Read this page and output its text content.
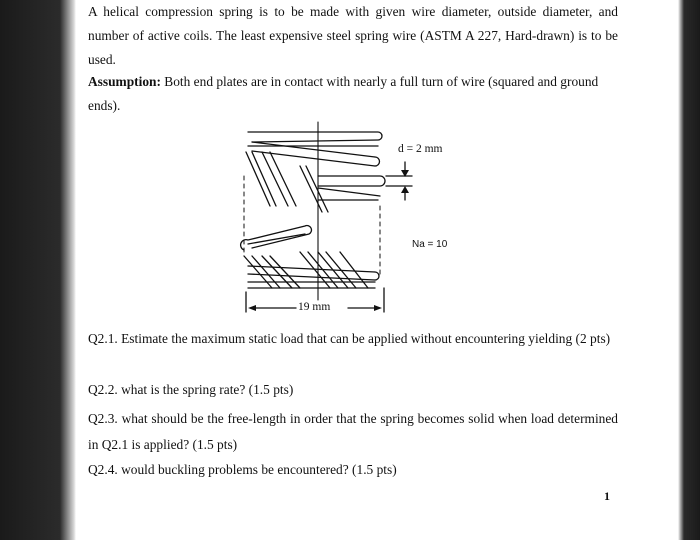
A helical compression spring is to be made with given wire diameter, outside diameter, and number of active coils. The least expensive steel spring wire (ASTM A 227, Hard-drawn) is to be used.

Assumption: Both end plates are in contact with nearly a full turn of wire (squared and ground ends).

d = 2 mm
Na = 10
19 mm

Q2.1. Estimate the maximum static load that can be applied without encountering yielding (2 pts)

Q2.2. what is the spring rate? (1.5 pts)

Q2.3. what should be the free-length in order that the spring becomes solid when load determined in Q2.1 is applied? (1.5 pts)

Q2.4. would buckling problems be encountered? (1.5 pts)

1
